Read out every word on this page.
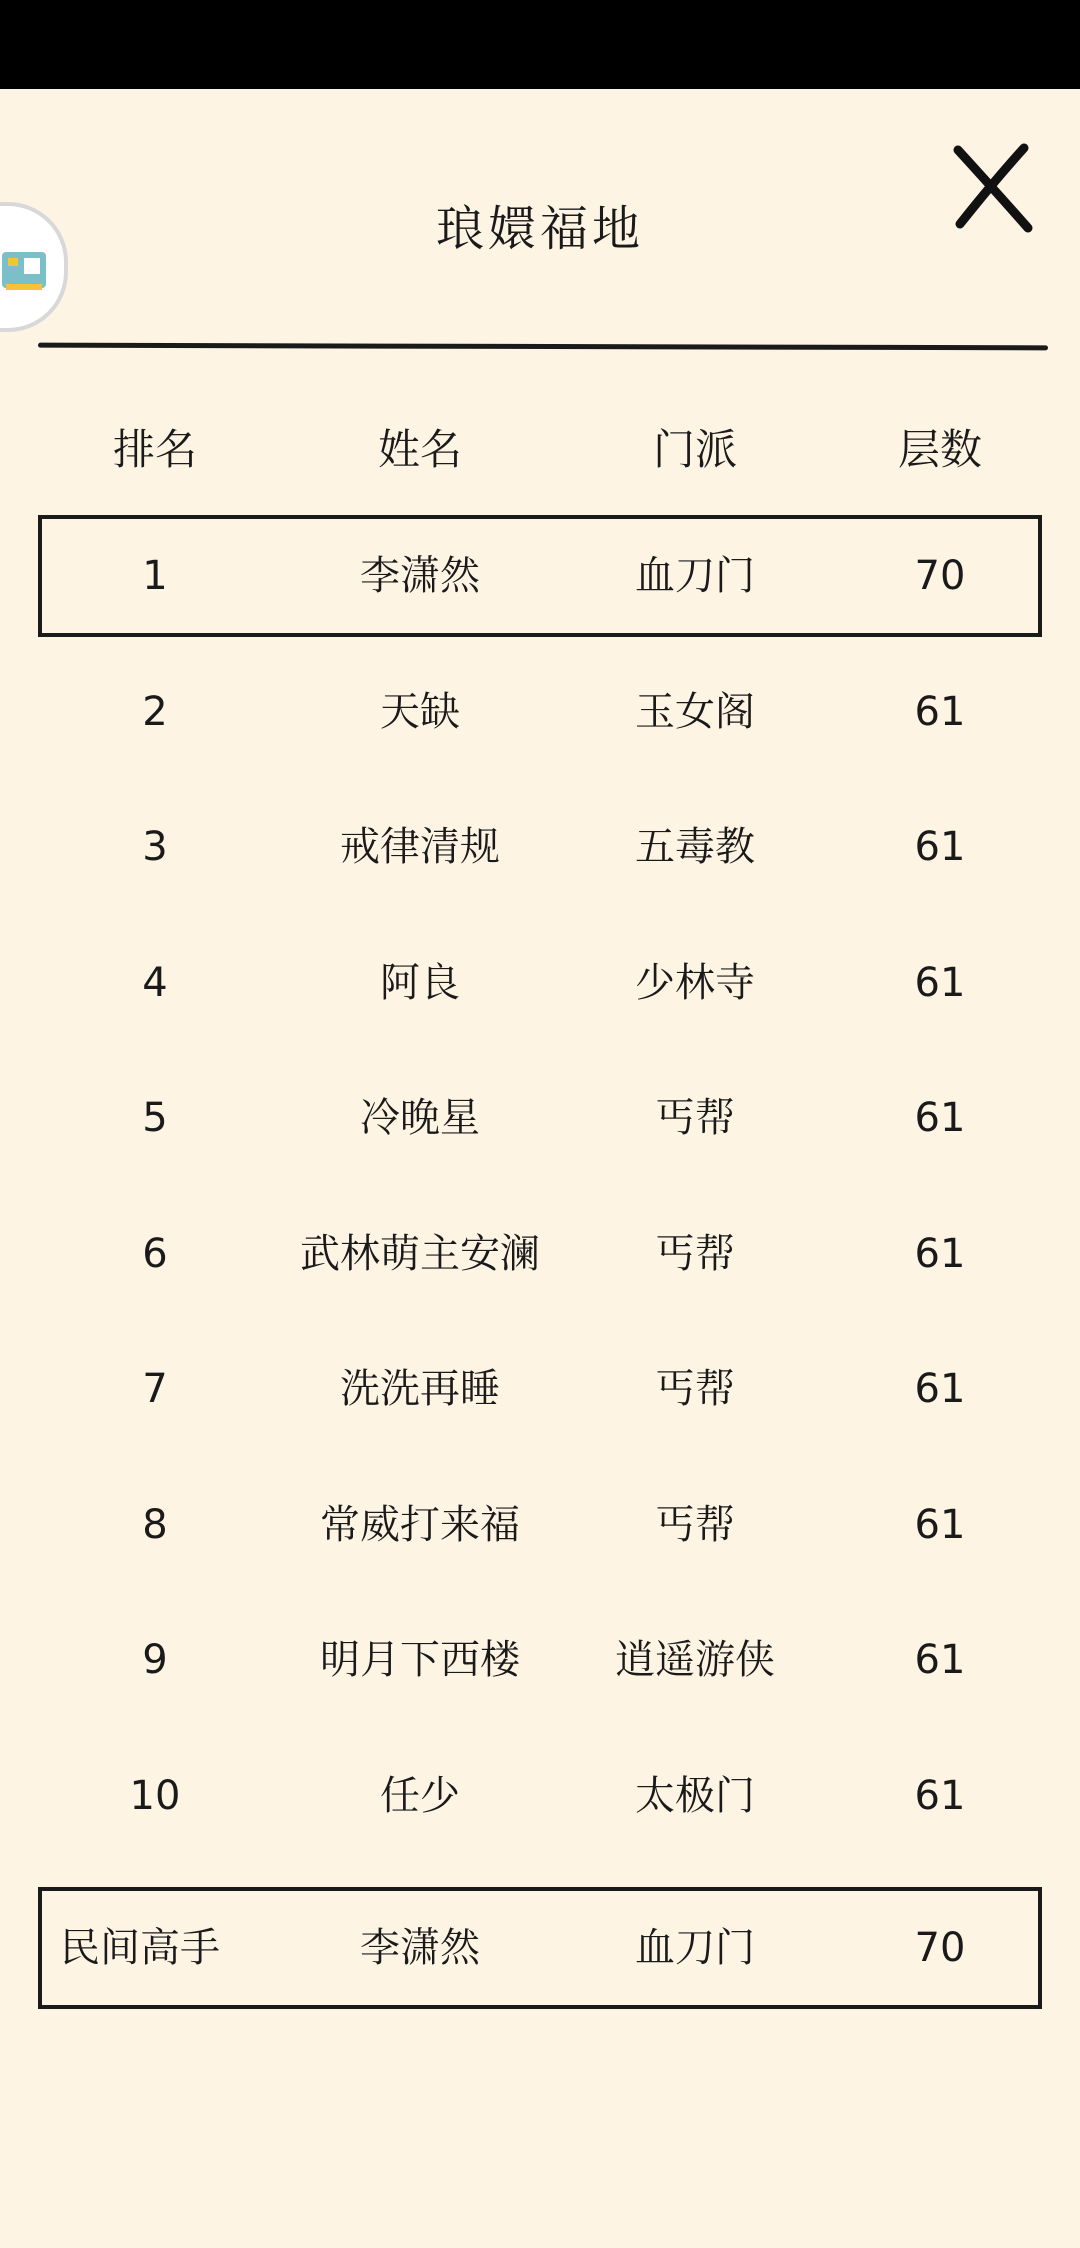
琅嬛福地
排名	姓名	门派	层数
1	李潇然	血刀门	70
2	天缺	玉女阁	61
3	戒律清规	五毒教	61
4	阿良	少林寺	61
5	冷晚星	丐帮	61
6	武林萌主安澜	丐帮	61
7	洗洗再睡	丐帮	61
8	常威打来福	丐帮	61
9	明月下西楼	逍遥游侠	61
10	任少	太极门	61
民间高手	李潇然	血刀门	70
